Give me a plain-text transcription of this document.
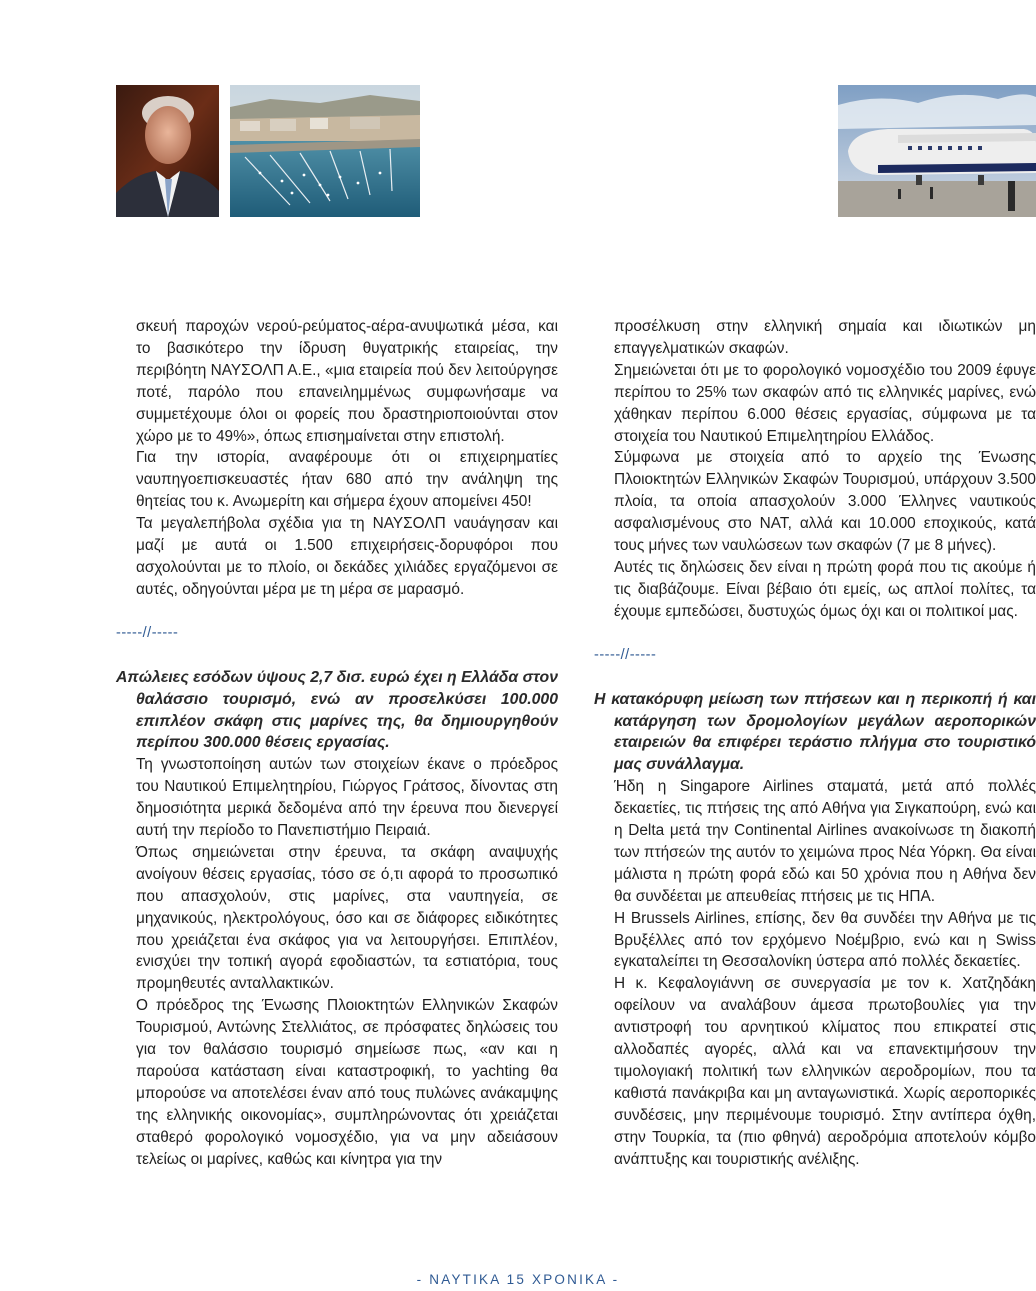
σκευή παροχών νερού-ρεύματος-αέρα-ανυψωτικά μέσα, και το βασικότερο την ίδρυση θυγατρικής εταιρείας, την περιβόητη ΝΑΥΣΟΛΠ Α.Ε., «μια εταιρεία πού δεν λειτούργησε ποτέ, παρόλο που επανειλημμένως συμφωνήσαμε να συμμετέχουμε όλοι οι φορείς που δραστηριοποιούνται στον χώρο με το 49%», όπως επισημαίνεται στην επιστολή.

Για την ιστορία, αναφέρουμε ότι οι επιχειρηματίες ναυπηγοεπισκευαστές ήταν 680 από την ανάληψη της θητείας του κ. Ανωμερίτη και σήμερα έχουν απομείνει 450!

Τα μεγαλεπήβολα σχέδια για τη ΝΑΥΣΟΛΠ ναυάγησαν και μαζί με αυτά οι 1.500 επιχειρήσεις-δορυφόροι που ασχολούνται με το πλοίο, οι δεκάδες χιλιάδες εργαζόμενοι σε αυτές, οδηγούνται μέρα με τη μέρα σε μαρασμό.

-----//-----

Απώλειες εσόδων ύψους 2,7 δισ. ευρώ έχει η Ελλάδα στον θαλάσσιο τουρισμό, ενώ αν προσελκύσει 100.000 επιπλέον σκάφη στις μαρίνες της, θα δημιουργηθούν περίπου 300.000 θέσεις εργασίας.

Τη γνωστοποίηση αυτών των στοιχείων έκανε ο πρόεδρος του Ναυτικού Επιμελητηρίου, Γιώργος Γράτσος, δίνοντας στη δημοσιότητα μερικά δεδομένα από την έρευνα που διενεργεί αυτή την περίοδο το Πανεπιστήμιο Πειραιά.

Όπως σημειώνεται στην έρευνα, τα σκάφη αναψυχής ανοίγουν θέσεις εργασίας, τόσο σε ό,τι αφορά το προσωπικό που απασχολούν, στις μαρίνες, στα ναυπηγεία, σε μηχανικούς, ηλεκτρολόγους, όσο και σε διάφορες ειδικότητες που χρειάζεται ένα σκάφος για να λειτουργήσει. Επιπλέον, ενισχύει την τοπική αγορά εφοδιαστών, τα εστιατόρια, τους προμηθευτές ανταλλακτικών.

Ο πρόεδρος της Ένωσης Πλοιοκτητών Ελληνικών Σκαφών Τουρισμού, Αντώνης Στελλιάτος, σε πρόσφατες δηλώσεις του για τον θαλάσσιο τουρισμό σημείωσε πως, «αν και η παρούσα κατάσταση είναι καταστροφική, το yachting θα μπορούσε να αποτελέσει έναν από τους πυλώνες ανάκαμψης της ελληνικής οικονομίας», συμπληρώνοντας ότι χρειάζεται σταθερό φορολογικό νομοσχέδιο, για να μην αδειάσουν τελείως οι μαρίνες, καθώς και κίνητρα για την

προσέλκυση στην ελληνική σημαία και ιδιωτικών μη επαγγελματικών σκαφών.

Σημειώνεται ότι με το φορολογικό νομοσχέδιο του 2009 έφυγε περίπου το 25% των σκαφών από τις ελληνικές μαρίνες, ενώ χάθηκαν περίπου 6.000 θέσεις εργασίας, σύμφωνα με τα στοιχεία του Ναυτικού Επιμελητηρίου Ελλάδος.

Σύμφωνα με στοιχεία από το αρχείο της Ένωσης Πλοιοκτητών Ελληνικών Σκαφών Τουρισμού, υπάρχουν 3.500 πλοία, τα οποία απασχολούν 3.000 Έλληνες ναυτικούς ασφαλισμένους στο ΝΑΤ, αλλά και 10.000 εποχικούς, κατά τους μήνες των ναυλώσεων των σκαφών (7 με 8 μήνες).

Αυτές τις δηλώσεις δεν είναι η πρώτη φορά που τις ακούμε ή τις διαβάζουμε. Είναι βέβαιο ότι εμείς, ως απλοί πολίτες, τα έχουμε εμπεδώσει, δυστυχώς όμως όχι και οι πολιτικοί μας.

-----//-----

Η κατακόρυφη μείωση των πτήσεων και η περικοπή ή και κατάργηση των δρομολογίων μεγάλων αεροπορικών εταιρειών θα επιφέρει τεράστιο πλήγμα στο τουριστικό μας συνάλλαγμα.

Ήδη η Singapore Airlines σταματά, μετά από πολλές δεκαετίες, τις πτήσεις της από Αθήνα για Σιγκαπούρη, ενώ και η Delta μετά την Continental Airlines ανακοίνωσε τη διακοπή των πτήσεών της αυτόν το χειμώνα προς Νέα Υόρκη. Θα είναι μάλιστα η πρώτη φορά εδώ και 50 χρόνια που η Αθήνα δεν θα συνδέεται με απευθείας πτήσεις με τις ΗΠΑ.

Η Brussels Airlines, επίσης, δεν θα συνδέει την Αθήνα με τις Βρυξέλλες από τον ερχόμενο Νοέμβριο, ενώ και η Swiss εγκαταλείπει τη Θεσσαλονίκη ύστερα από πολλές δεκαετίες.

Η κ. Κεφαλογιάννη σε συνεργασία με τον κ. Χατζηδάκη οφείλουν να αναλάβουν άμεσα πρωτοβουλίες για την αντιστροφή του αρνητικού κλίματος που επικρατεί στις αλλοδαπές αγορές, αλλά και να επανεκτιμήσουν την τιμολογιακή πολιτική των ελληνικών αεροδρομίων, που τα καθιστά πανάκριβα και μη ανταγωνιστικά. Χωρίς αεροπορικές συνδέσεις, μην περιμένουμε τουρισμό. Στην αντίπερα όχθη, στην Τουρκία, τα (πιο φθηνά) αεροδρόμια αποτελούν κόμβο ανάπτυξης και τουριστικής ανέλιξης.

- ΝΑΥΤΙΚΑ 15 ΧΡΟΝΙΚΑ -
